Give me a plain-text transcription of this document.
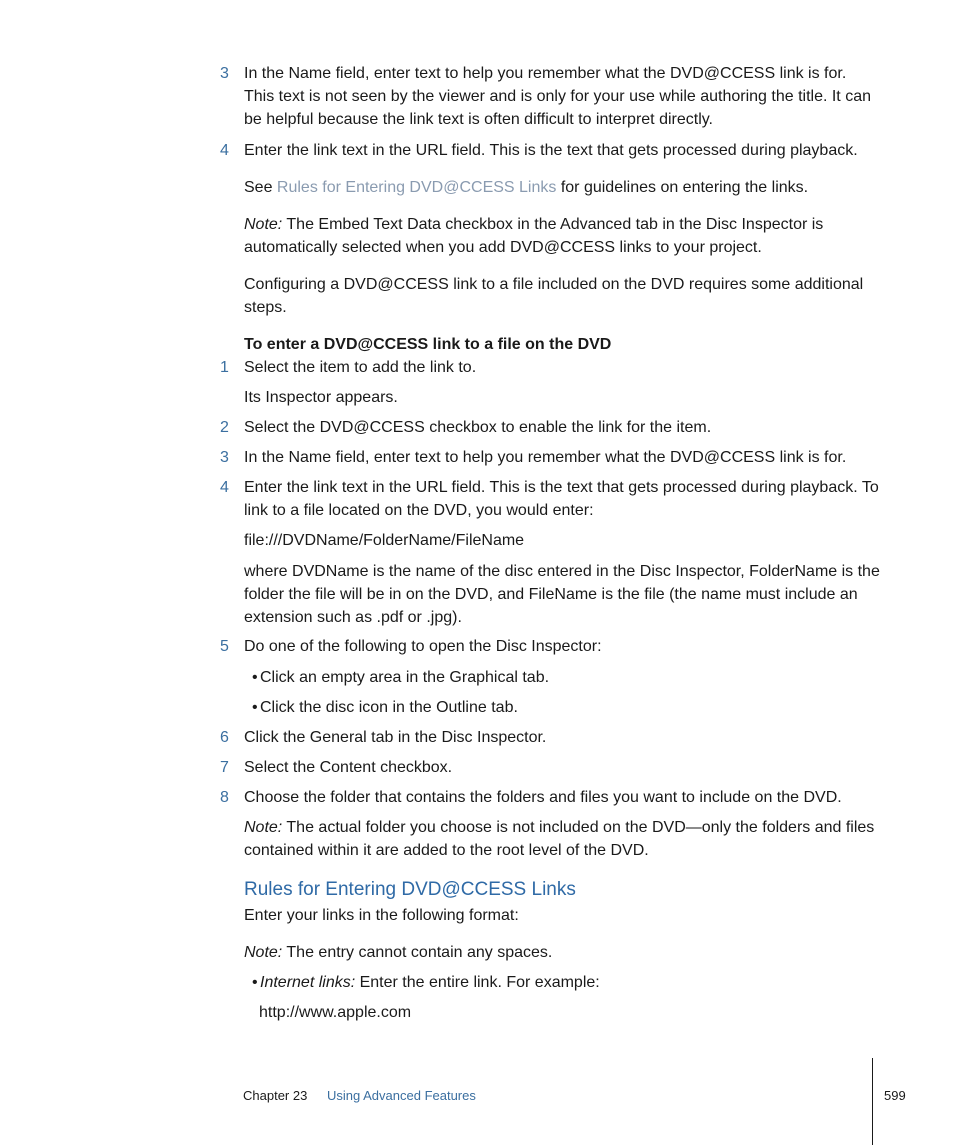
3 In the Name field, enter text to help you remember what the DVD@CCESS link is for. This text is not seen by the viewer and is only for your use while authoring the title. It can be helpful because the link text is often difficult to interpret directly.
4 Enter the link text in the URL field. This is the text that gets processed during playback.
See Rules for Entering DVD@CCESS Links for guidelines on entering the links.
Note: The Embed Text Data checkbox in the Advanced tab in the Disc Inspector is automatically selected when you add DVD@CCESS links to your project.
Configuring a DVD@CCESS link to a file included on the DVD requires some additional steps.
To enter a DVD@CCESS link to a file on the DVD
1 Select the item to add the link to.
Its Inspector appears.
2 Select the DVD@CCESS checkbox to enable the link for the item.
3 In the Name field, enter text to help you remember what the DVD@CCESS link is for.
4 Enter the link text in the URL field. This is the text that gets processed during playback. To link to a file located on the DVD, you would enter:
file:///DVDName/FolderName/FileName
where DVDName is the name of the disc entered in the Disc Inspector, FolderName is the folder the file will be in on the DVD, and FileName is the file (the name must include an extension such as .pdf or .jpg).
5 Do one of the following to open the Disc Inspector:
• Click an empty area in the Graphical tab.
• Click the disc icon in the Outline tab.
6 Click the General tab in the Disc Inspector.
7 Select the Content checkbox.
8 Choose the folder that contains the folders and files you want to include on the DVD.
Note: The actual folder you choose is not included on the DVD—only the folders and files contained within it are added to the root level of the DVD.
Rules for Entering DVD@CCESS Links
Enter your links in the following format:
Note: The entry cannot contain any spaces.
• Internet links: Enter the entire link. For example:
http://www.apple.com
Chapter 23 Using Advanced Features	599
